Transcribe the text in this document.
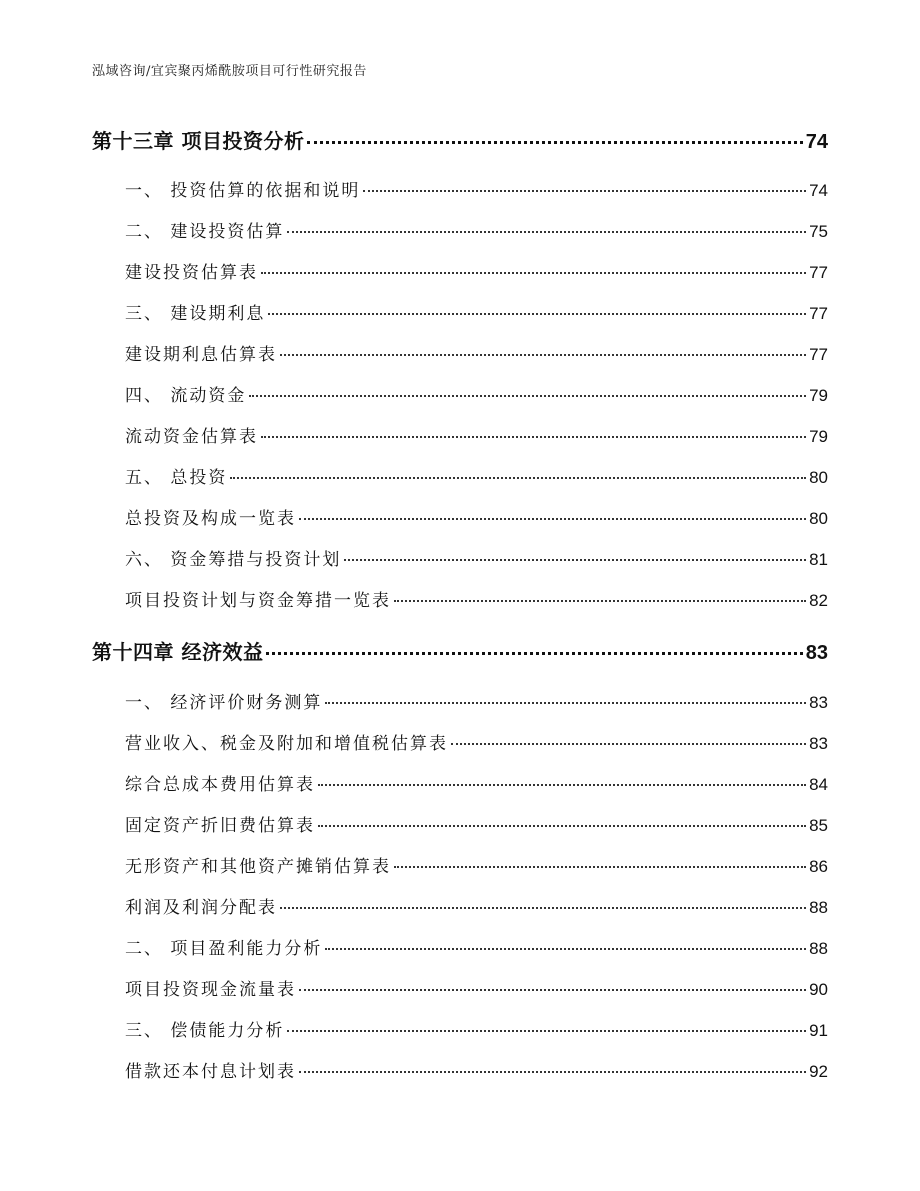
泓域咨询/宜宾聚丙烯酰胺项目可行性研究报告
第十三章 项目投资分析	74
一、 投资估算的依据和说明	74
二、 建设投资估算	75
建设投资估算表	77
三、 建设期利息	77
建设期利息估算表	77
四、 流动资金	79
流动资金估算表	79
五、 总投资	80
总投资及构成一览表	80
六、 资金筹措与投资计划	81
项目投资计划与资金筹措一览表	82
第十四章 经济效益	83
一、 经济评价财务测算	83
营业收入、税金及附加和增值税估算表	83
综合总成本费用估算表	84
固定资产折旧费估算表	85
无形资产和其他资产摊销估算表	86
利润及利润分配表	88
二、 项目盈利能力分析	88
项目投资现金流量表	90
三、 偿债能力分析	91
借款还本付息计划表	92
